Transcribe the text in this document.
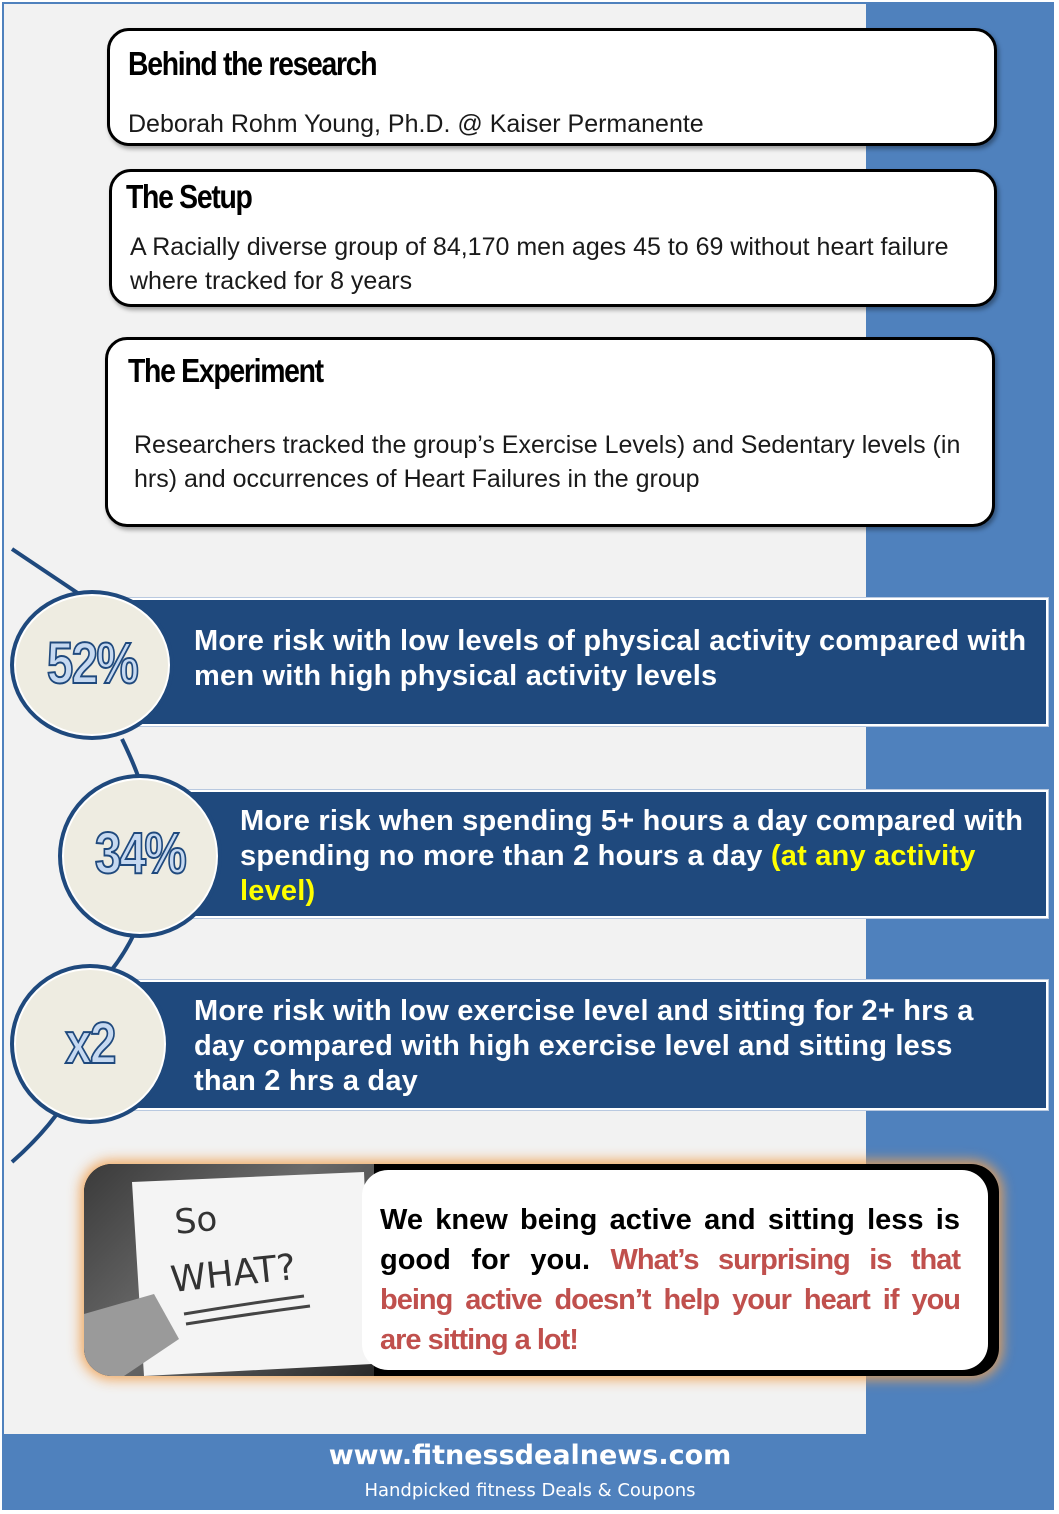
Behind the research
Deborah Rohm Young, Ph.D. @ Kaiser Permanente
The Setup
A Racially diverse group of 84,170 men ages 45 to 69 without heart failure where tracked for 8 years
The Experiment
Researchers tracked the group’s Exercise Levels) and Sedentary levels (in hrs) and occurrences of Heart Failures in the group
More risk with low levels of physical activity compared with men with high physical activity levels
52%
More risk when spending 5+ hours a day compared with spending no more than 2 hours a day (at any activity level)
34%
More risk with low exercise level and sitting for 2+ hrs a day compared with high exercise level and sitting less than 2 hrs a day
x2
So
WHAT?
We knew being active and sitting less is good for you. What’s surprising is that being active doesn’t help your heart if you are sitting a lot!
www.fitnessdealnews.com
Handpicked fitness Deals & Coupons
